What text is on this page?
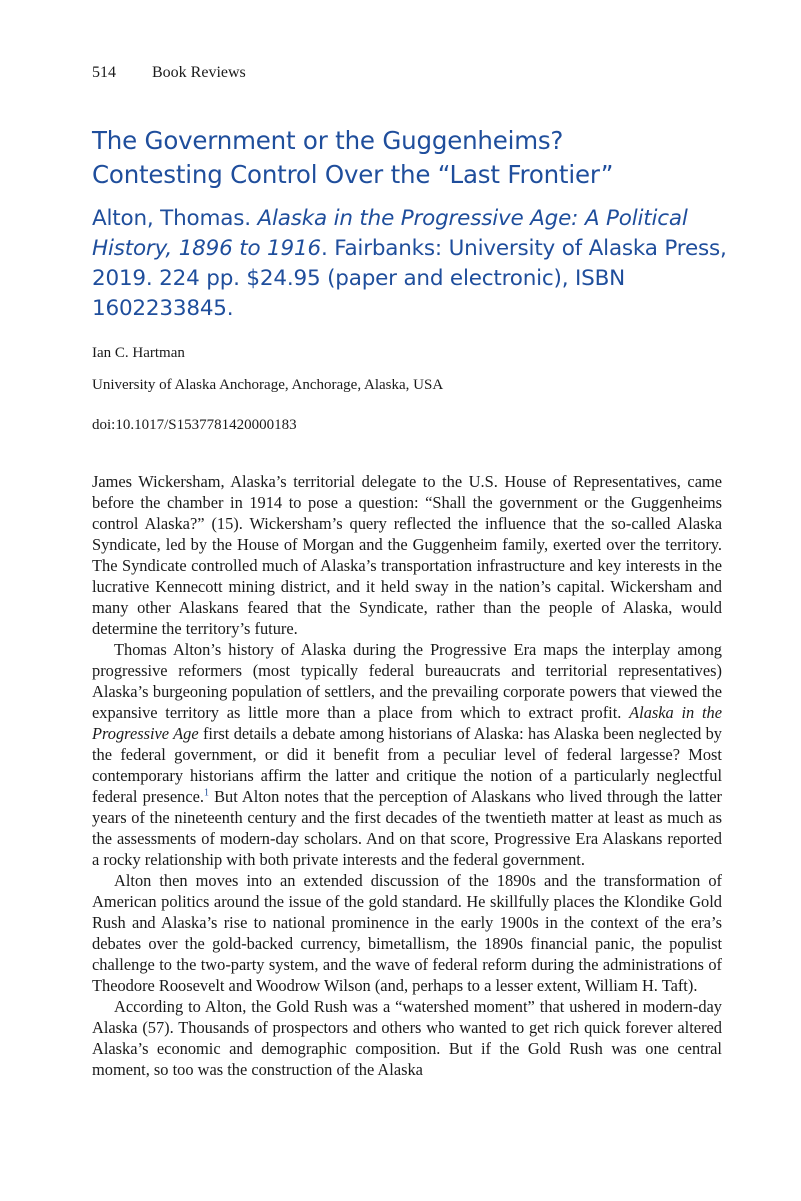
514 Book Reviews
The Government or the Guggenheims?
Contesting Control Over the “Last Frontier”
Alton, Thomas. Alaska in the Progressive Age: A Political History, 1896 to 1916. Fairbanks: University of Alaska Press, 2019. 224 pp. $24.95 (paper and electronic), ISBN 1602233845.
Ian C. Hartman
University of Alaska Anchorage, Anchorage, Alaska, USA
doi:10.1017/S1537781420000183

James Wickersham, Alaska’s territorial delegate to the U.S. House of Representatives, came before the chamber in 1914 to pose a question: “Shall the government or the Guggenheims control Alaska?” (15). Wickersham’s query reflected the influence that the so-called Alaska Syndicate, led by the House of Morgan and the Guggenheim family, exerted over the territory. The Syndicate controlled much of Alaska’s transportation infrastructure and key interests in the lucrative Kennecott mining district, and it held sway in the nation’s capital. Wickersham and many other Alaskans feared that the Syndicate, rather than the people of Alaska, would determine the territory’s future.

Thomas Alton’s history of Alaska during the Progressive Era maps the interplay among progressive reformers (most typically federal bureaucrats and territorial representatives) Alaska’s burgeoning population of settlers, and the prevailing corporate powers that viewed the expansive territory as little more than a place from which to extract profit. Alaska in the Progressive Age first details a debate among historians of Alaska: has Alaska been neglected by the federal government, or did it benefit from a peculiar level of federal largesse? Most contemporary historians affirm the latter and critique the notion of a particularly neglectful federal presence.$^1$ But Alton notes that the perception of Alaskans who lived through the latter years of the nineteenth century and the first decades of the twentieth matter at least as much as the assessments of modern-day scholars. And on that score, Progressive Era Alaskans reported a rocky relationship with both private interests and the federal government.

Alton then moves into an extended discussion of the 1890s and the transformation of American politics around the issue of the gold standard. He skillfully places the Klondike Gold Rush and Alaska’s rise to national prominence in the early 1900s in the context of the era’s debates over the gold-backed currency, bimetallism, the 1890s financial panic, the populist challenge to the two-party system, and the wave of federal reform during the administrations of Theodore Roosevelt and Woodrow Wilson (and, perhaps to a lesser extent, William H. Taft).

According to Alton, the Gold Rush was a “watershed moment” that ushered in modern-day Alaska (57). Thousands of prospectors and others who wanted to get rich quick forever altered Alaska’s economic and demographic composition. But if the Gold Rush was one central moment, so too was the construction of the Alaska
